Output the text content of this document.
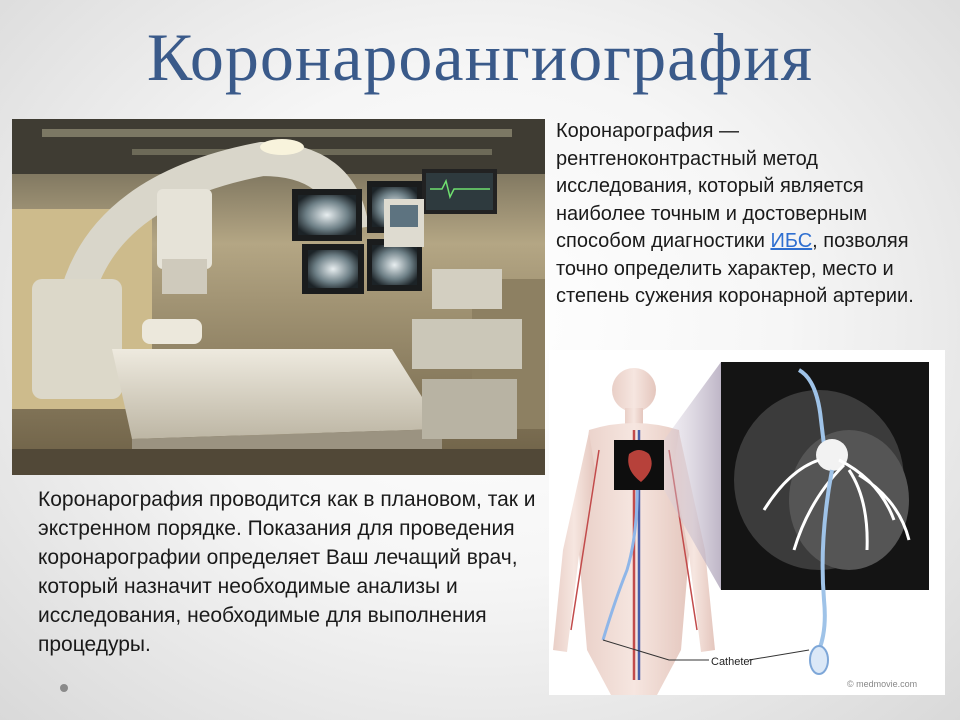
Коронароангиография
Коронарография — рентгеноконтрастный метод исследования, который является наиболее точным и достоверным способом диагностики ИБС, позволяя точно определить характер, место и степень сужения коронарной артерии.
Catheter
© medmovie.com
Коронарография проводится как в плановом, так и экстренном порядке. Показания для проведения коронарографии определяет Ваш лечащий врач, который назначит необходимые анализы и исследования, необходимые для выполнения процедуры.
